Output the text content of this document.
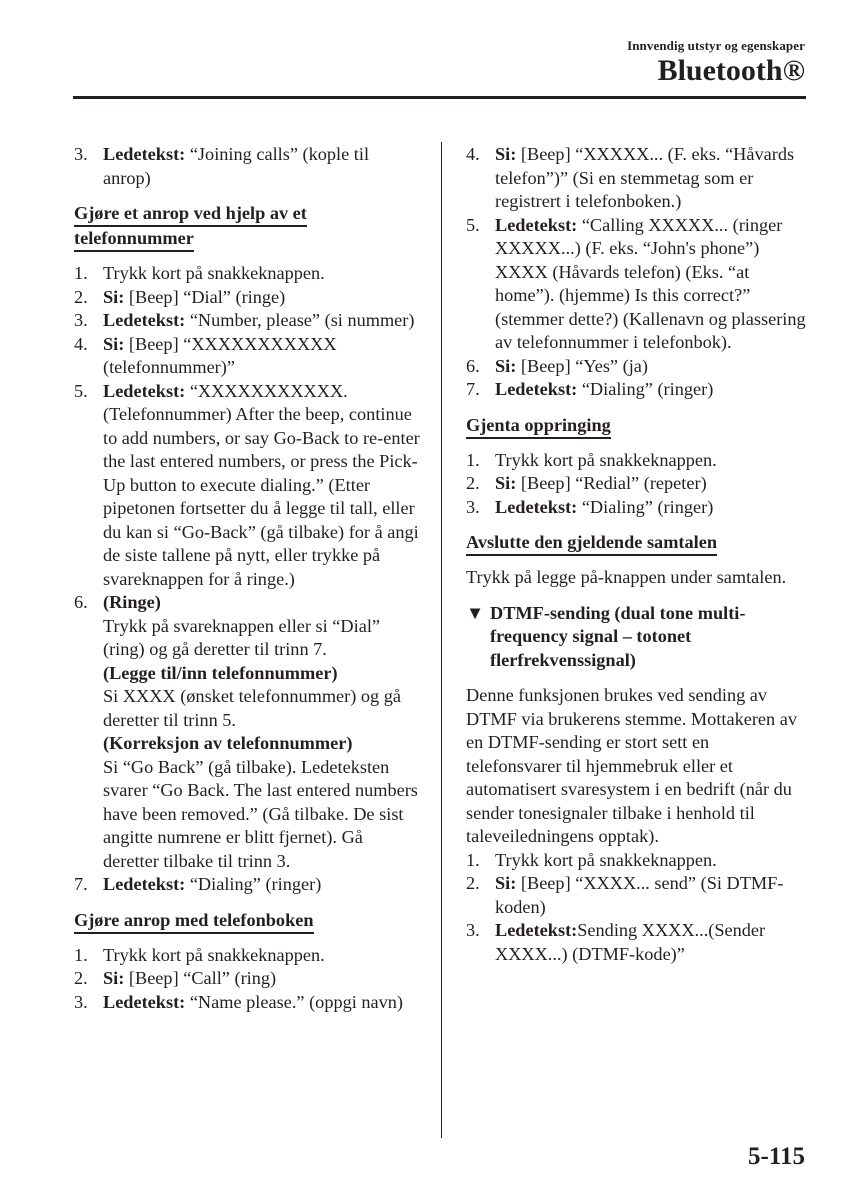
Innvendig utstyr og egenskaper
Bluetooth®
3. Ledetekst: “Joining calls” (kople til anrop)
Gjøre et anrop ved hjelp av et
telefonnummer
1. Trykk kort på snakkeknappen.
2. Si: [Beep] “Dial” (ringe)
3. Ledetekst: “Number, please” (si nummer)
4. Si: [Beep] “XXXXXXXXXXX (telefonnummer)”
5. Ledetekst: “XXXXXXXXXXX. (Telefonnummer) After the beep, continue to add numbers, or say Go-Back to re-enter the last entered numbers, or press the Pick-Up button to execute dialing.” (Etter pipetonen fortsetter du å legge til tall, eller du kan si “Go-Back” (gå tilbake) for å angi de siste tallene på nytt, eller trykke på svareknappen for å ringe.)
6. (Ringe)
Trykk på svareknappen eller si “Dial” (ring) og gå deretter til trinn 7.
(Legge til/inn telefonnummer)
Si XXXX (ønsket telefonnummer) og gå deretter til trinn 5.
(Korreksjon av telefonnummer)
Si “Go Back” (gå tilbake). Ledeteksten svarer “Go Back. The last entered numbers have been removed.” (Gå tilbake. De sist angitte numrene er blitt fjernet). Gå deretter tilbake til trinn 3.
7. Ledetekst: “Dialing” (ringer)
Gjøre anrop med telefonboken
1. Trykk kort på snakkeknappen.
2. Si: [Beep] “Call” (ring)
3. Ledetekst: “Name please.” (oppgi navn)
4. Si: [Beep] “XXXXX... (F. eks. “Håvards telefon”)” (Si en stemmetag som er registrert i telefonboken.)
5. Ledetekst: “Calling XXXXX... (ringer XXXXX...) (F. eks. “John's phone”) XXXX (Håvards telefon) (Eks. “at home”). (hjemme) Is this correct?” (stemmer dette?) (Kallenavn og plassering av telefonnummer i telefonbok).
6. Si: [Beep] “Yes” (ja)
7. Ledetekst: “Dialing” (ringer)
Gjenta oppringing
1. Trykk kort på snakkeknappen.
2. Si: [Beep] “Redial” (repeter)
3. Ledetekst: “Dialing” (ringer)
Avslutte den gjeldende samtalen

Trykk på legge på-knappen under samtalen.

▼ DTMF-sending (dual tone multi-frequency signal – totonet flerfrekvenssignal)

Denne funksjonen brukes ved sending av DTMF via brukerens stemme. Mottakeren av en DTMF-sending er stort sett en telefonsvarer til hjemmebruk eller et automatisert svaresystem i en bedrift (når du sender tonesignaler tilbake i henhold til taleveiledningens opptak).

1. Trykk kort på snakkeknappen.
2. Si: [Beep] “XXXX... send” (Si DTMF-koden)
3. Ledetekst:Sending XXXX...(Sender XXXX...) (DTMF-kode)”
5-115
